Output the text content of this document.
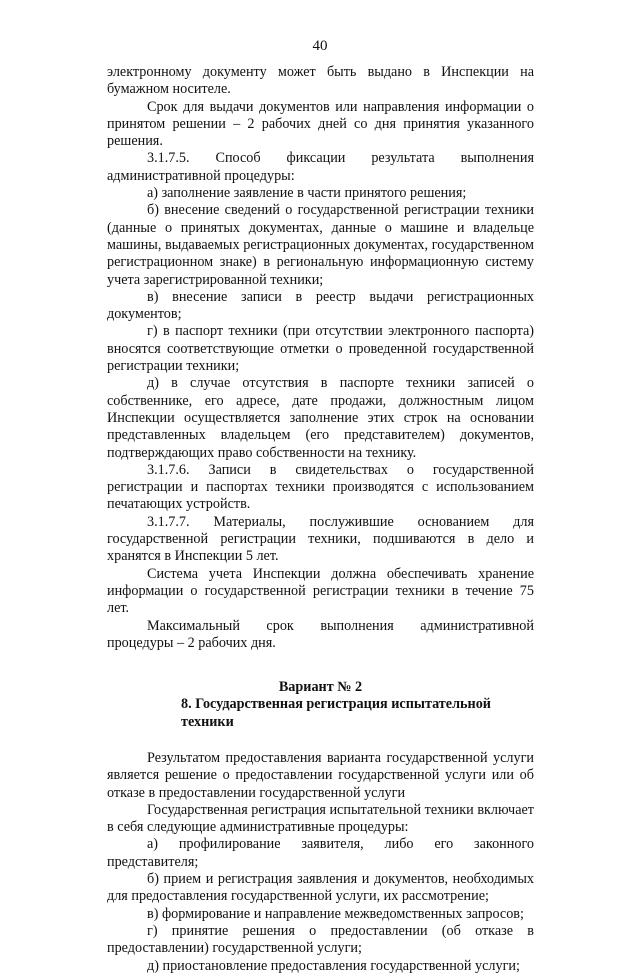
40

электронному документу может быть выдано в Инспекции на бумажном носителе.

Срок для выдачи документов или направления информации о принятом решении – 2 рабочих дней со дня принятия указанного решения.

3.1.7.5. Способ фиксации результата выполнения административной процедуры:

а) заполнение заявление в части принятого решения;

б) внесение сведений о государственной регистрации техники (данные о принятых документах, данные о машине и владельце машины, выдаваемых регистрационных документах, государственном регистрационном знаке) в региональную информационную систему учета зарегистрированной техники;

в) внесение записи в реестр выдачи регистрационных документов;

г) в паспорт техники (при отсутствии электронного паспорта) вносятся соответствующие отметки о проведенной государственной регистрации техники;

д) в случае отсутствия в паспорте техники записей о собственнике, его адресе, дате продажи, должностным лицом Инспекции осуществляется заполнение этих строк на основании представленных владельцем (его представителем) документов, подтверждающих право собственности на технику.

3.1.7.6. Записи в свидетельствах о государственной регистрации и паспортах техники производятся с использованием печатающих устройств.

3.1.7.7. Материалы, послужившие основанием для государственной регистрации техники, подшиваются в дело и хранятся в Инспекции 5 лет.

Система учета Инспекции должна обеспечивать хранение информации о государственной регистрации техники в течение 75 лет.

Максимальный срок выполнения административной процедуры – 2 рабочих дня.

Вариант № 2

8. Государственная регистрация испытательной техники

Результатом предоставления варианта государственной услуги является решение о предоставлении государственной услуги или об отказе в предоставлении государственной услуги

Государственная регистрация испытательной техники включает в себя следующие административные процедуры:

а) профилирование заявителя, либо его законного представителя;

б) прием и регистрация заявления и документов, необходимых для предоставления государственной услуги, их рассмотрение;

в) формирование и направление межведомственных запросов;

г) принятие решения о предоставлении (об отказе в предоставлении) государственной услуги;

д) приостановление предоставления государственной услуги;
